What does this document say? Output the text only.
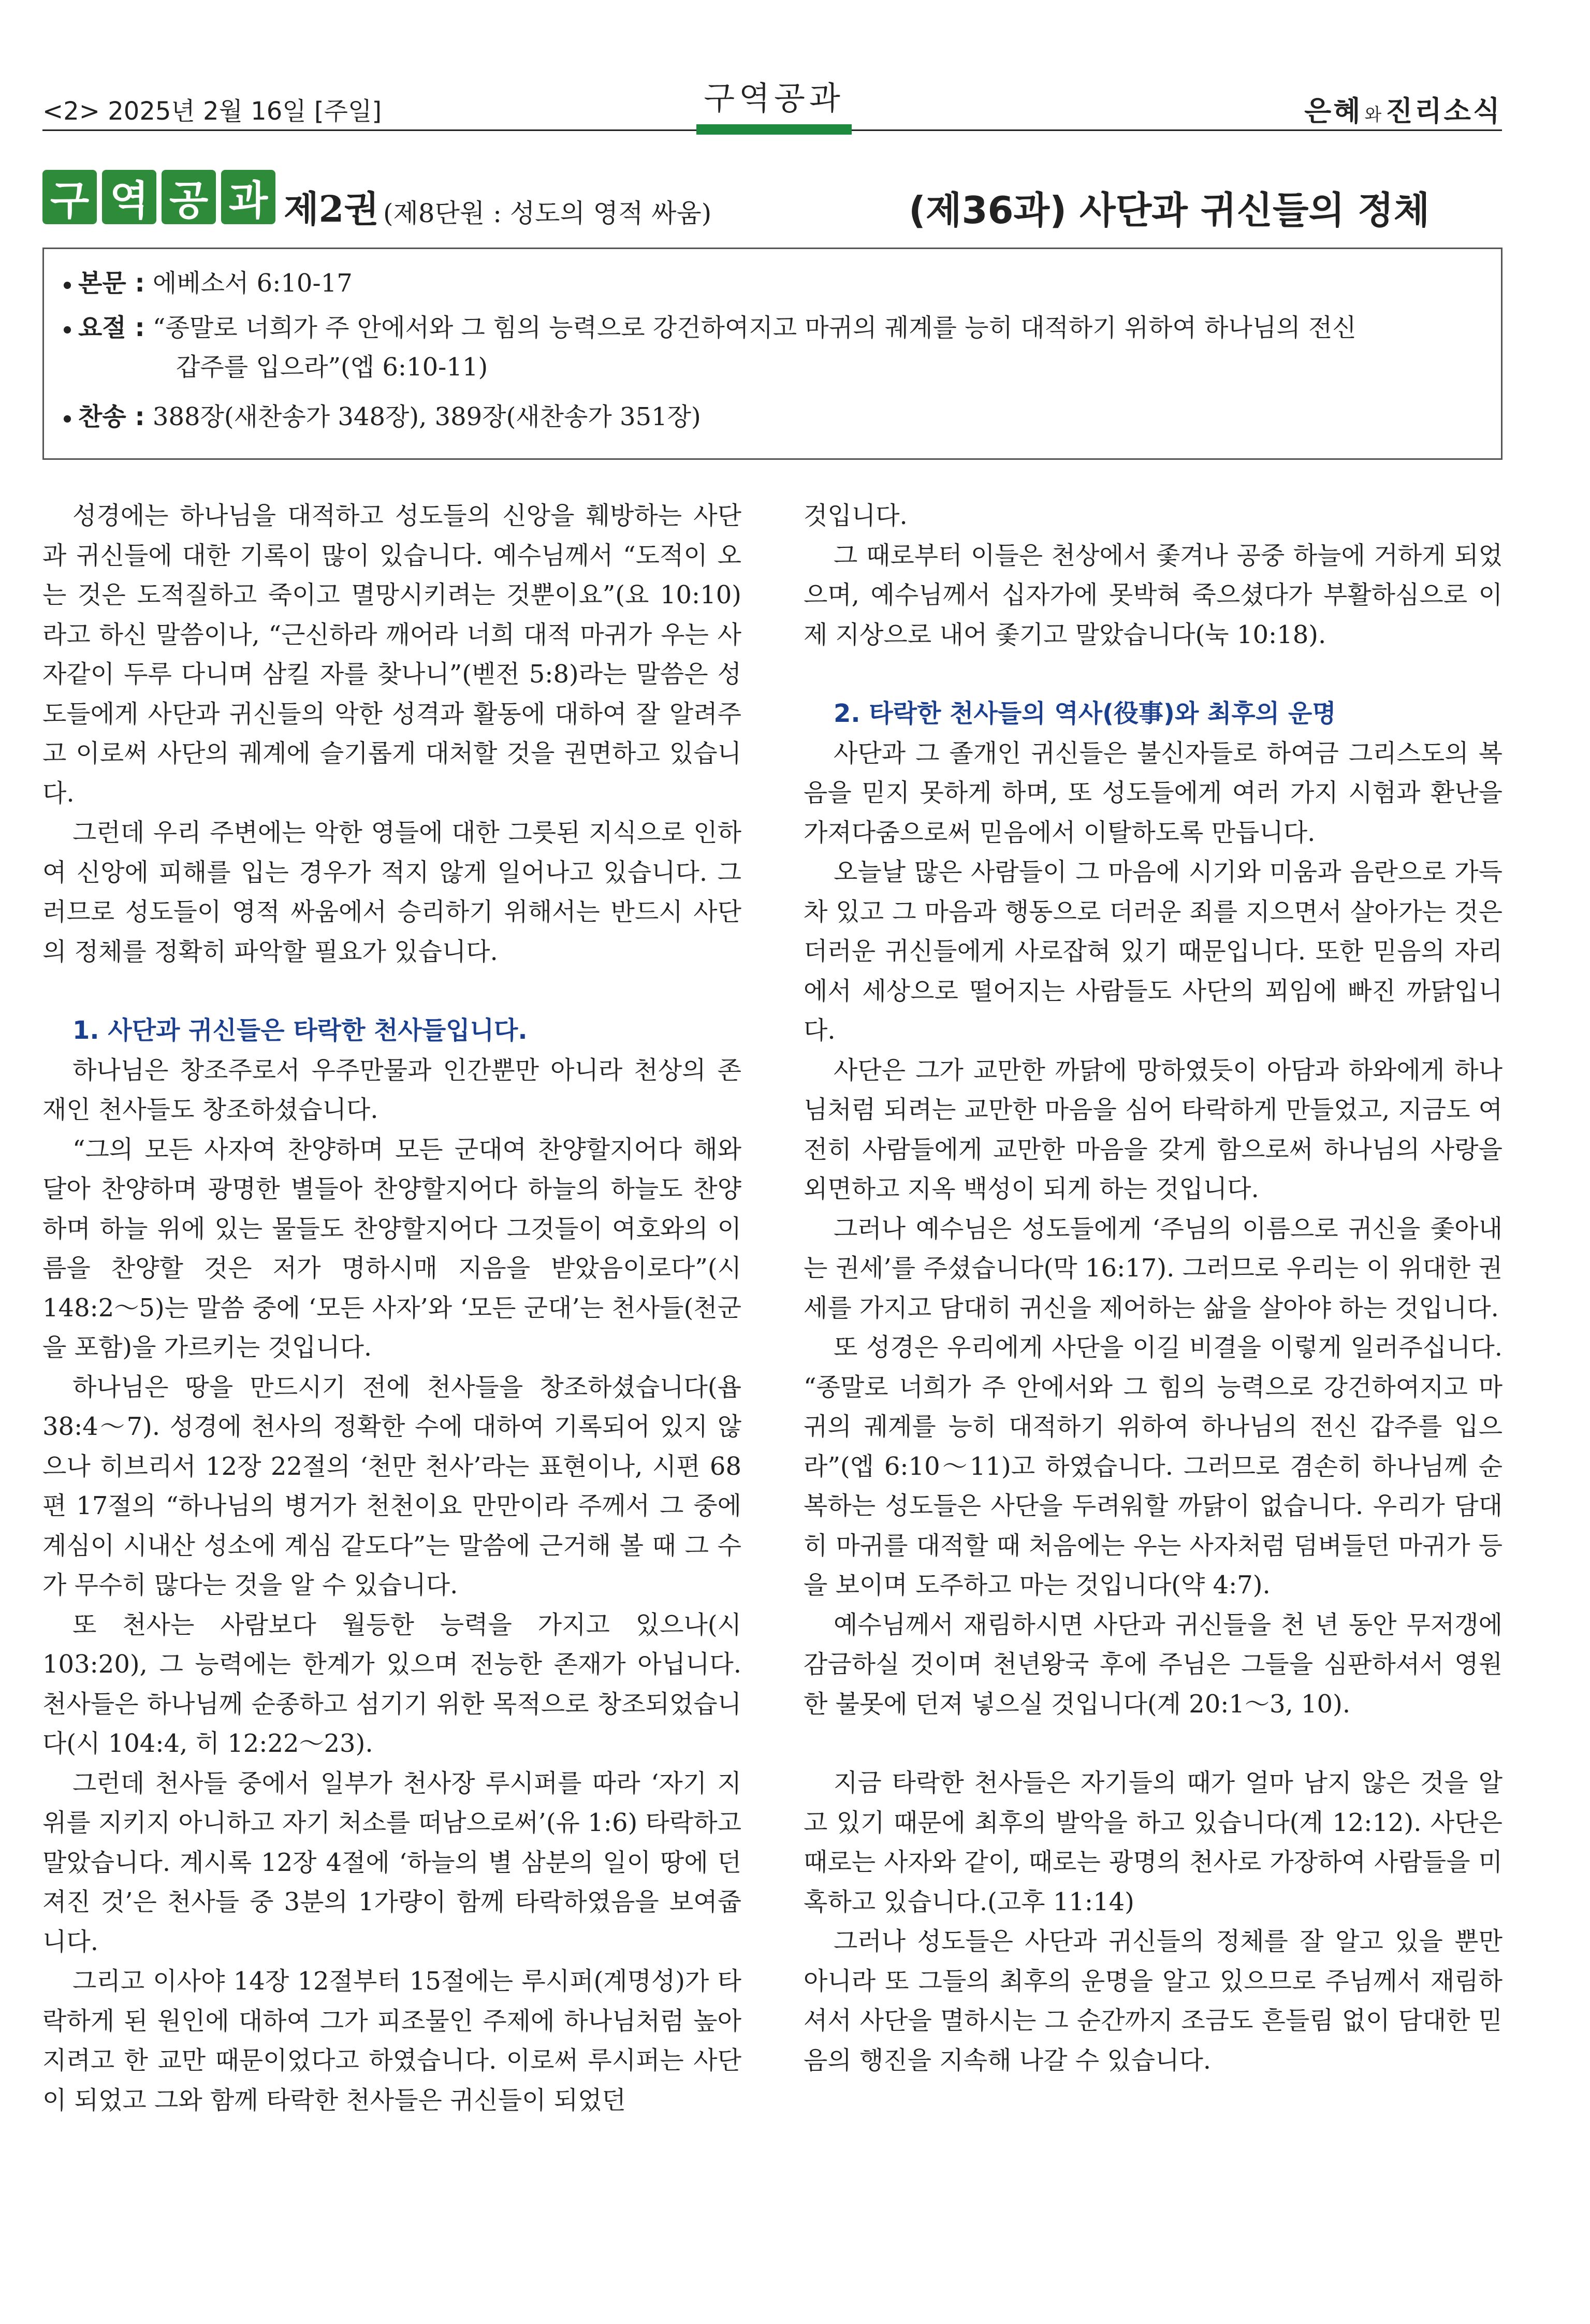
<2> 2025년 2월 16일 [주일]	구역공과	은혜 와진리소식
구 역 공 과 제2권 (제8단원 : 성도의 영적 싸움)	(제36과) 사단과 귀신들의 정체
본문 : 에베소서 6:10-17
요절 : “종말로 너희가 주 안에서와 그 힘의 능력으로 강건하여지고 마귀의 궤계를 능히 대적하기 위하여 하나님의 전신
갑주를 입으라”(엡 6:10-11)
찬송 : 388장(새찬송가 348장), 389장(새찬송가 351장)

성경에는 하나님을 대적하고 성도들의 신앙을 훼방하는 사단과 귀신들에 대한 기록이 많이 있습니다. 예수님께서 “도적이 오는 것은 도적질하고 죽이고 멸망시키려는 것뿐이요”(요 10:10)라고 하신 말씀이나, “근신하라 깨어라 너희 대적 마귀가 우는 사자같이 두루 다니며 삼킬 자를 찾나니”(벧전 5:8)라는 말씀은 성도들에게 사단과 귀신들의 악한 성격과 활동에 대하여 잘 알려주고 이로써 사단의 궤계에 슬기롭게 대처할 것을 권면하고 있습니다.

그런데 우리 주변에는 악한 영들에 대한 그릇된 지식으로 인하여 신앙에 피해를 입는 경우가 적지 않게 일어나고 있습니다. 그러므로 성도들이 영적 싸움에서 승리하기 위해서는 반드시 사단의 정체를 정확히 파악할 필요가 있습니다.

1. 사단과 귀신들은 타락한 천사들입니다.

하나님은 창조주로서 우주만물과 인간뿐만 아니라 천상의 존재인 천사들도 창조하셨습니다.

“그의 모든 사자여 찬양하며 모든 군대여 찬양할지어다 해와 달아 찬양하며 광명한 별들아 찬양할지어다 하늘의 하늘도 찬양하며 하늘 위에 있는 물들도 찬양할지어다 그것들이 여호와의 이름을 찬양할 것은 저가 명하시매 지음을 받았음이로다”(시 148:2～5)는 말씀 중에 ‘모든 사자’와 ‘모든 군대’는 천사들(천군을 포함)을 가르키는 것입니다.

하나님은 땅을 만드시기 전에 천사들을 창조하셨습니다(욥 38:4～7). 성경에 천사의 정확한 수에 대하여 기록되어 있지 않으나 히브리서 12장 22절의 ‘천만 천사’라는 표현이나, 시편 68편 17절의 “하나님의 병거가 천천이요 만만이라 주께서 그 중에 계심이 시내산 성소에 계심 같도다”는 말씀에 근거해 볼 때 그 수가 무수히 많다는 것을 알 수 있습니다.

또 천사는 사람보다 월등한 능력을 가지고 있으나(시 103:20), 그 능력에는 한계가 있으며 전능한 존재가 아닙니다. 천사들은 하나님께 순종하고 섬기기 위한 목적으로 창조되었습니다(시 104:4, 히 12:22～23).

그런데 천사들 중에서 일부가 천사장 루시퍼를 따라 ‘자기 지위를 지키지 아니하고 자기 처소를 떠남으로써’(유 1:6) 타락하고 말았습니다. 계시록 12장 4절에 ‘하늘의 별 삼분의 일이 땅에 던져진 것’은 천사들 중 3분의 1가량이 함께 타락하였음을 보여줍니다.

그리고 이사야 14장 12절부터 15절에는 루시퍼(계명성)가 타락하게 된 원인에 대하여 그가 피조물인 주제에 하나님처럼 높아지려고 한 교만 때문이었다고 하였습니다. 이로써 루시퍼는 사단이 되었고 그와 함께 타락한 천사들은 귀신들이 되었던

것입니다.

그 때로부터 이들은 천상에서 좇겨나 공중 하늘에 거하게 되었으며, 예수님께서 십자가에 못박혀 죽으셨다가 부활하심으로 이제 지상으로 내어 좇기고 말았습니다(눅 10:18).

2. 타락한 천사들의 역사(役事)와 최후의 운명

사단과 그 졸개인 귀신들은 불신자들로 하여금 그리스도의 복음을 믿지 못하게 하며, 또 성도들에게 여러 가지 시험과 환난을 가져다줌으로써 믿음에서 이탈하도록 만듭니다.

오늘날 많은 사람들이 그 마음에 시기와 미움과 음란으로 가득 차 있고 그 마음과 행동으로 더러운 죄를 지으면서 살아가는 것은 더러운 귀신들에게 사로잡혀 있기 때문입니다. 또한 믿음의 자리에서 세상으로 떨어지는 사람들도 사단의 꾀임에 빠진 까닭입니다.

사단은 그가 교만한 까닭에 망하였듯이 아담과 하와에게 하나님처럼 되려는 교만한 마음을 심어 타락하게 만들었고, 지금도 여전히 사람들에게 교만한 마음을 갖게 함으로써 하나님의 사랑을 외면하고 지옥 백성이 되게 하는 것입니다.

그러나 예수님은 성도들에게 ‘주님의 이름으로 귀신을 좇아내는 권세’를 주셨습니다(막 16:17). 그러므로 우리는 이 위대한 권세를 가지고 담대히 귀신을 제어하는 삶을 살아야 하는 것입니다.

또 성경은 우리에게 사단을 이길 비결을 이렇게 일러주십니다. “종말로 너희가 주 안에서와 그 힘의 능력으로 강건하여지고 마귀의 궤계를 능히 대적하기 위하여 하나님의 전신 갑주를 입으라”(엡 6:10～11)고 하였습니다. 그러므로 겸손히 하나님께 순복하는 성도들은 사단을 두려워할 까닭이 없습니다. 우리가 담대히 마귀를 대적할 때 처음에는 우는 사자처럼 덤벼들던 마귀가 등을 보이며 도주하고 마는 것입니다(약 4:7).

예수님께서 재림하시면 사단과 귀신들을 천 년 동안 무저갱에 감금하실 것이며 천년왕국 후에 주님은 그들을 심판하셔서 영원한 불못에 던져 넣으실 것입니다(계 20:1～3, 10).

지금 타락한 천사들은 자기들의 때가 얼마 남지 않은 것을 알고 있기 때문에 최후의 발악을 하고 있습니다(계 12:12). 사단은 때로는 사자와 같이, 때로는 광명의 천사로 가장하여 사람들을 미혹하고 있습니다.(고후 11:14)

그러나 성도들은 사단과 귀신들의 정체를 잘 알고 있을 뿐만 아니라 또 그들의 최후의 운명을 알고 있으므로 주님께서 재림하셔서 사단을 멸하시는 그 순간까지 조금도 흔들림 없이 담대한 믿음의 행진을 지속해 나갈 수 있습니다.
